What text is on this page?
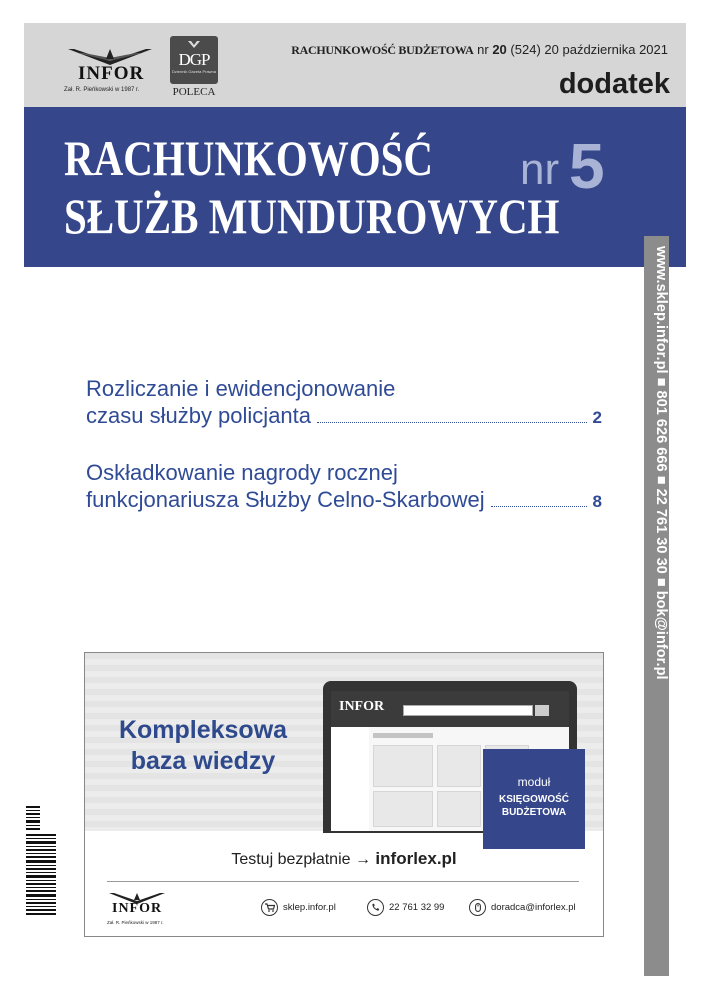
INFOR
Zał. R. Pieńkowski w 1987 r.
DGP
Dziennik Gazeta Prawna
POLECA
RACHUNKOWOŚĆ BUDŻETOWA nr 20 (524) 20 października 2021
dodatek
RACHUNKOWOŚĆ
SŁUŻB MUNDUROWYCH
nr 5
www.sklep.infor.pl ■ 801 626 666 ■ 22 761 30 30 ■ bok@infor.pl
Rozliczanie i ewidencjonowanie
czasu służby policjanta	2
Oskładkowanie nagrody rocznej
funkcjonariusza Służby Celno-Skarbowej	8
Kompleksowa
baza wiedzy
INFOR
moduł
KSIĘGOWOŚĆ
BUDŻETOWA
Testuj bezpłatnie → inforlex.pl
INFOR
Zał. R. Pieńkowski w 1987 r.
sklep.infor.pl	22 761 32 99	doradca@inforlex.pl
